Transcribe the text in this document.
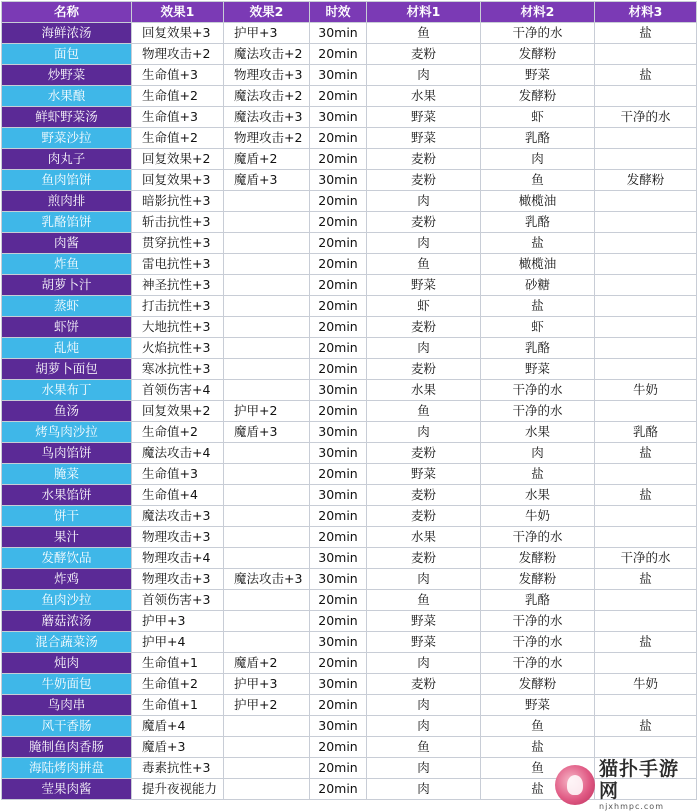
名称	效果1	效果2	时效	材料1	材料2	材料3
海鲜浓汤	回复效果+3	护甲+3	30min	鱼	干净的水	盐
面包	物理攻击+2	魔法攻击+2	20min	麦粉	发酵粉	
炒野菜	生命值+3	物理攻击+3	30min	肉	野菜	盐
水果酿	生命值+2	魔法攻击+2	20min	水果	发酵粉	
鲜虾野菜汤	生命值+3	魔法攻击+3	30min	野菜	虾	干净的水
野菜沙拉	生命值+2	物理攻击+2	20min	野菜	乳酪	
肉丸子	回复效果+2	魔盾+2	20min	麦粉	肉	
鱼肉馅饼	回复效果+3	魔盾+3	30min	麦粉	鱼	发酵粉
煎肉排	暗影抗性+3		20min	肉	橄榄油	
乳酪馅饼	斩击抗性+3		20min	麦粉	乳酪	
肉酱	贯穿抗性+3		20min	肉	盐	
炸鱼	雷电抗性+3		20min	鱼	橄榄油	
胡萝卜汁	神圣抗性+3		20min	野菜	砂糖	
蒸虾	打击抗性+3		20min	虾	盐	
虾饼	大地抗性+3		20min	麦粉	虾	
乱炖	火焰抗性+3		20min	肉	乳酪	
胡萝卜面包	寒冰抗性+3		20min	麦粉	野菜	
水果布丁	首领伤害+4		30min	水果	干净的水	牛奶
鱼汤	回复效果+2	护甲+2	20min	鱼	干净的水	
烤鸟肉沙拉	生命值+2	魔盾+3	30min	肉	水果	乳酪
鸟肉馅饼	魔法攻击+4		30min	麦粉	肉	盐
腌菜	生命值+3		20min	野菜	盐	
水果馅饼	生命值+4		30min	麦粉	水果	盐
饼干	魔法攻击+3		20min	麦粉	牛奶	
果汁	物理攻击+3		20min	水果	干净的水	
发酵饮品	物理攻击+4		30min	麦粉	发酵粉	干净的水
炸鸡	物理攻击+3	魔法攻击+3	30min	肉	发酵粉	盐
鱼肉沙拉	首领伤害+3		20min	鱼	乳酪	
蘑菇浓汤	护甲+3		20min	野菜	干净的水	
混合蔬菜汤	护甲+4		30min	野菜	干净的水	盐
炖肉	生命值+1	魔盾+2	20min	肉	干净的水	
牛奶面包	生命值+2	护甲+3	30min	麦粉	发酵粉	牛奶
鸟肉串	生命值+1	护甲+2	20min	肉	野菜	
风干香肠	魔盾+4		30min	肉	鱼	盐
腌制鱼肉香肠	魔盾+3		20min	鱼	盐	
海陆烤肉拼盘	毒素抗性+3		20min	肉	鱼	
莹果肉酱	提升夜视能力		20min	肉	盐	
猫扑手游网
njxhmpc.com
